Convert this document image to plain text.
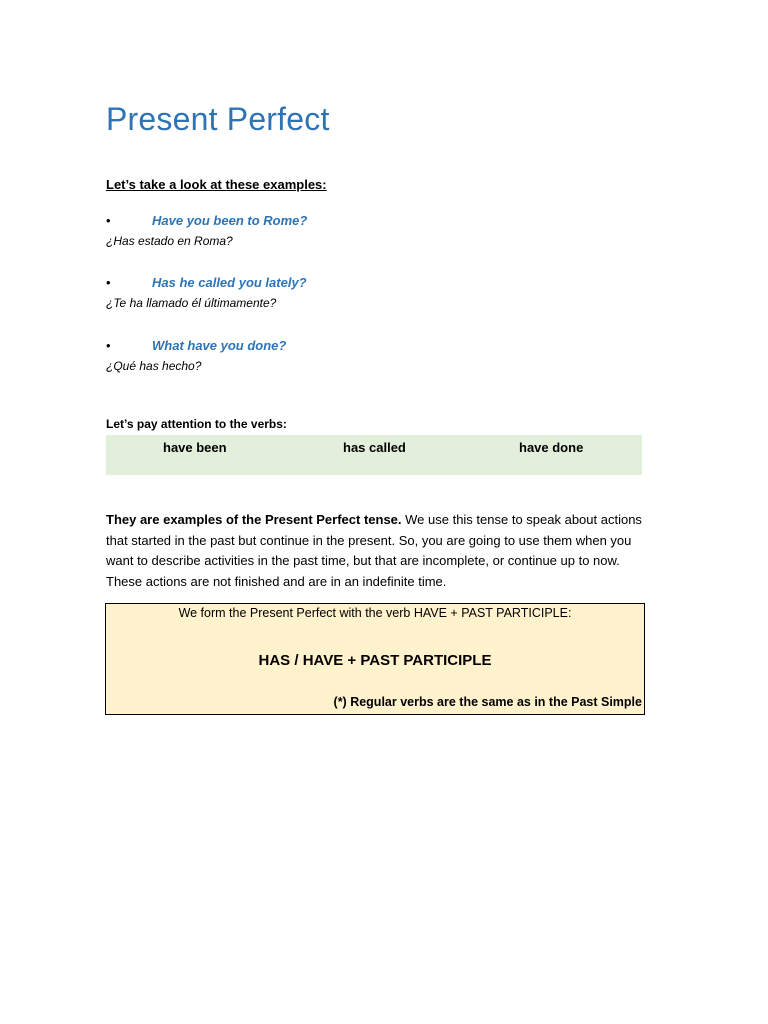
Present Perfect
Let’s take a look at these examples:
•	Have you been to Rome?
¿Has estado en Roma?
•	Has he called you lately?
¿Te ha llamado él últimamente?
•	What have you done?
¿Qué has hecho?
Let’s pay attention to the verbs:
have been	has called	have done
They are examples of the Present Perfect tense. We use this tense to speak about actions that started in the past but continue in the present. So, you are going to use them when you want to describe activities in the past time, but that are incomplete, or continue up to now. These actions are not finished and are in an indefinite time.
We form the Present Perfect with the verb HAVE + PAST PARTICIPLE:
HAS / HAVE + PAST PARTICIPLE
(*) Regular verbs are the same as in the Past Simple
